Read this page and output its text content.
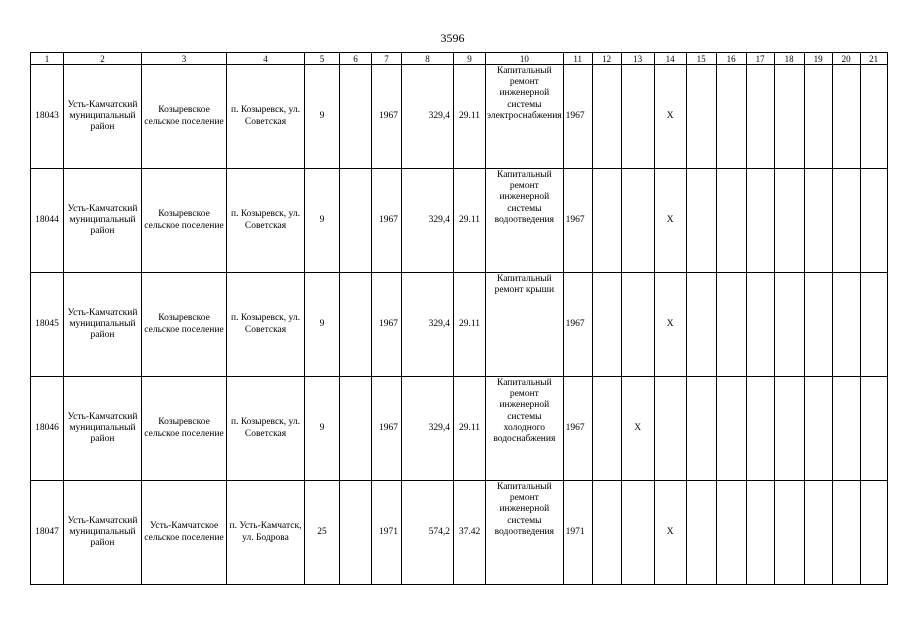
3596
1	2	3	4	5	6	7	8	9	10	11	12	13	14	15	16	17	18	19	20	21
18043	Усть-Камчатский муниципальный район	Козыревское сельское поселение	п. Козыревск, ул. Советская	9		1967	329,4	29.11	Капитальный ремонт инженерной системы электроснабжения	1967			Х							
18044	Усть-Камчатский муниципальный район	Козыревское сельское поселение	п. Козыревск, ул. Советская	9		1967	329,4	29.11	Капитальный ремонт инженерной системы водоотведения	1967			Х							
18045	Усть-Камчатский муниципальный район	Козыревское сельское поселение	п. Козыревск, ул. Советская	9		1967	329,4	29.11	Капитальный ремонт крыши	1967			Х							
18046	Усть-Камчатский муниципальный район	Козыревское сельское поселение	п. Козыревск, ул. Советская	9		1967	329,4	29.11	Капитальный ремонт инженерной системы холодного водоснабжения	1967		Х								
18047	Усть-Камчатский муниципальный район	Усть-Камчатское сельское поселение	п. Усть-Камчатск, ул. Бодрова	25		1971	574,2	37.42	Капитальный ремонт инженерной системы водоотведения	1971			Х							
